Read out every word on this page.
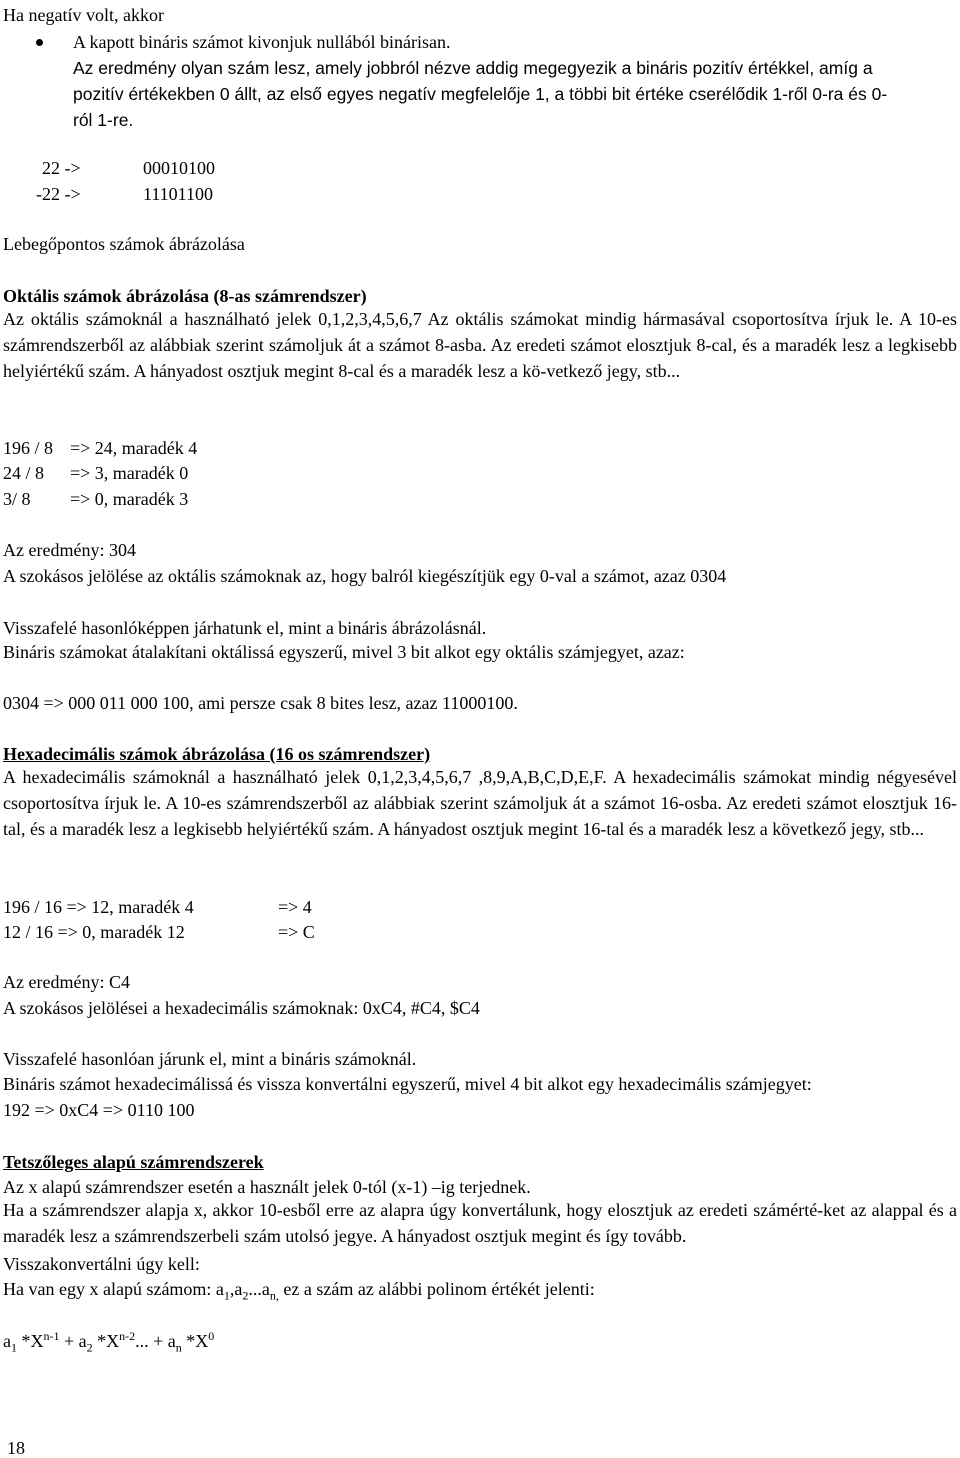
Ha negatív volt, akkor
A kapott bináris számot kivonjuk nullából binárisan.
Az eredmény olyan szám lesz, amely jobbról nézve addig megegyezik a bináris pozitív értékkel, amíg a
pozitív értékekben 0 állt, az első egyes negatív megfelelője 1, a többi bit értéke cserélődik 1-ről 0-ra és 0-
ról 1-re.
22 ->	00010100
-22 ->	11101100
Lebegőpontos számok ábrázolása
Oktális számok ábrázolása (8-as számrendszer)

Az oktális számoknál a használható jelek 0,1,2,3,4,5,6,7 Az oktális számokat mindig hármasával csoportosítva írjuk le. A 10-es számrendszerből az alábbiak szerint számoljuk át a számot 8-asba. Az eredeti számot elosztjuk 8-cal, és a maradék lesz a legkisebb helyiértékű szám. A hányadost osztjuk megint 8-cal és a maradék lesz a kö-vetkező jegy, stb...

196 / 8 => 24, maradék 4
24 / 8 => 3, maradék 0
3/ 8 => 0, maradék 3
Az eredmény: 304
A szokásos jelölése az oktális számoknak az, hogy balról kiegészítjük egy 0-val a számot, azaz 0304
Visszafelé hasonlóképpen járhatunk el, mint a bináris ábrázolásnál.
Bináris számokat átalakítani oktálissá egyszerű, mivel 3 bit alkot egy oktális számjegyet, azaz:
0304 => 000 011 000 100, ami persze csak 8 bites lesz, azaz 11000100.
Hexadecimális számok ábrázolása (16 os számrendszer)

A hexadecimális számoknál a használható jelek 0,1,2,3,4,5,6,7 ,8,9,A,B,C,D,E,F. A hexadecimális számokat mindig négyesével csoportosítva írjuk le. A 10-es számrendszerből az alábbiak szerint számoljuk át a számot 16-osba. Az eredeti számot elosztjuk 16-tal, és a maradék lesz a legkisebb helyiértékű szám. A hányadost osztjuk megint 16-tal és a maradék lesz a következő jegy, stb...

196 / 16 => 12, maradék 4	=> 4
12 / 16 => 0, maradék 12	=> C
Az eredmény: C4
A szokásos jelölései a hexadecimális számoknak: 0xC4, #C4, $C4
Visszafelé hasonlóan járunk el, mint a bináris számoknál.
Bináris számot hexadecimálissá és vissza konvertálni egyszerű, mivel 4 bit alkot egy hexadecimális számjegyet:
192 => 0xC4 => 0110 100
Tetszőleges alapú számrendszerek
Az x alapú számrendszer esetén a használt jelek 0-tól (x-1) –ig terjednek.

Ha a számrendszer alapja x, akkor 10-esből erre az alapra úgy konvertálunk, hogy elosztjuk az eredeti számérté-ket az alappal és a maradék lesz a számrendszerbeli szám utolsó jegye. A hányadost osztjuk megint és így tovább.

Visszakonvertálni úgy kell:
Ha van egy x alapú számom: $a_1,a_2...a_{n,}$ ez a szám az alábbi polinom értékét jelenti:
$a_1$ $*X^{n-1} + a_2$ $*X^{n-2}$... + $a_n$ $*X^0$
18
